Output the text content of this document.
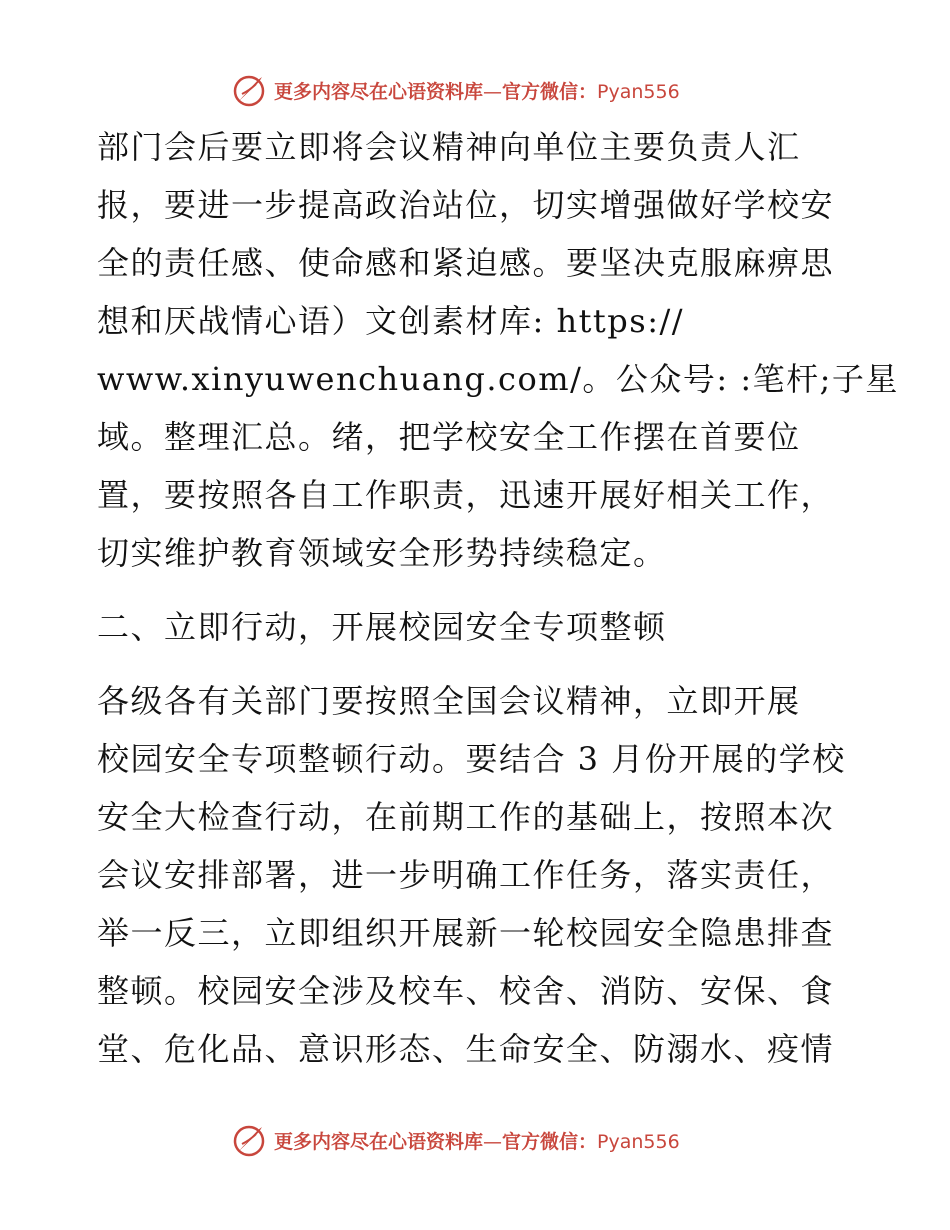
更多内容尽在心语资料库—官方微信：Pyan556
部门会后要立即将会议精神向单位主要负责人汇
报，要进一步提高政治站位，切实增强做好学校安
全的责任感、使命感和紧迫感。要坚决克服麻痹思
想和厌战情心语）文创素材库: https://
www.xinyuwenchuang.com/。公众号: :笔杆;子星
域。整理汇总。绪，把学校安全工作摆在首要位
置，要按照各自工作职责，迅速开展好相关工作，
切实维护教育领域安全形势持续稳定。
二、立即行动，开展校园安全专项整顿
各级各有关部门要按照全国会议精神，立即开展
校园安全专项整顿行动。要结合 3 月份开展的学校
安全大检查行动，在前期工作的基础上，按照本次
会议安排部署，进一步明确工作任务，落实责任，
举一反三，立即组织开展新一轮校园安全隐患排查
整顿。校园安全涉及校车、校舍、消防、安保、食
堂、危化品、意识形态、生命安全、防溺水、疫情
更多内容尽在心语资料库—官方微信：Pyan556
